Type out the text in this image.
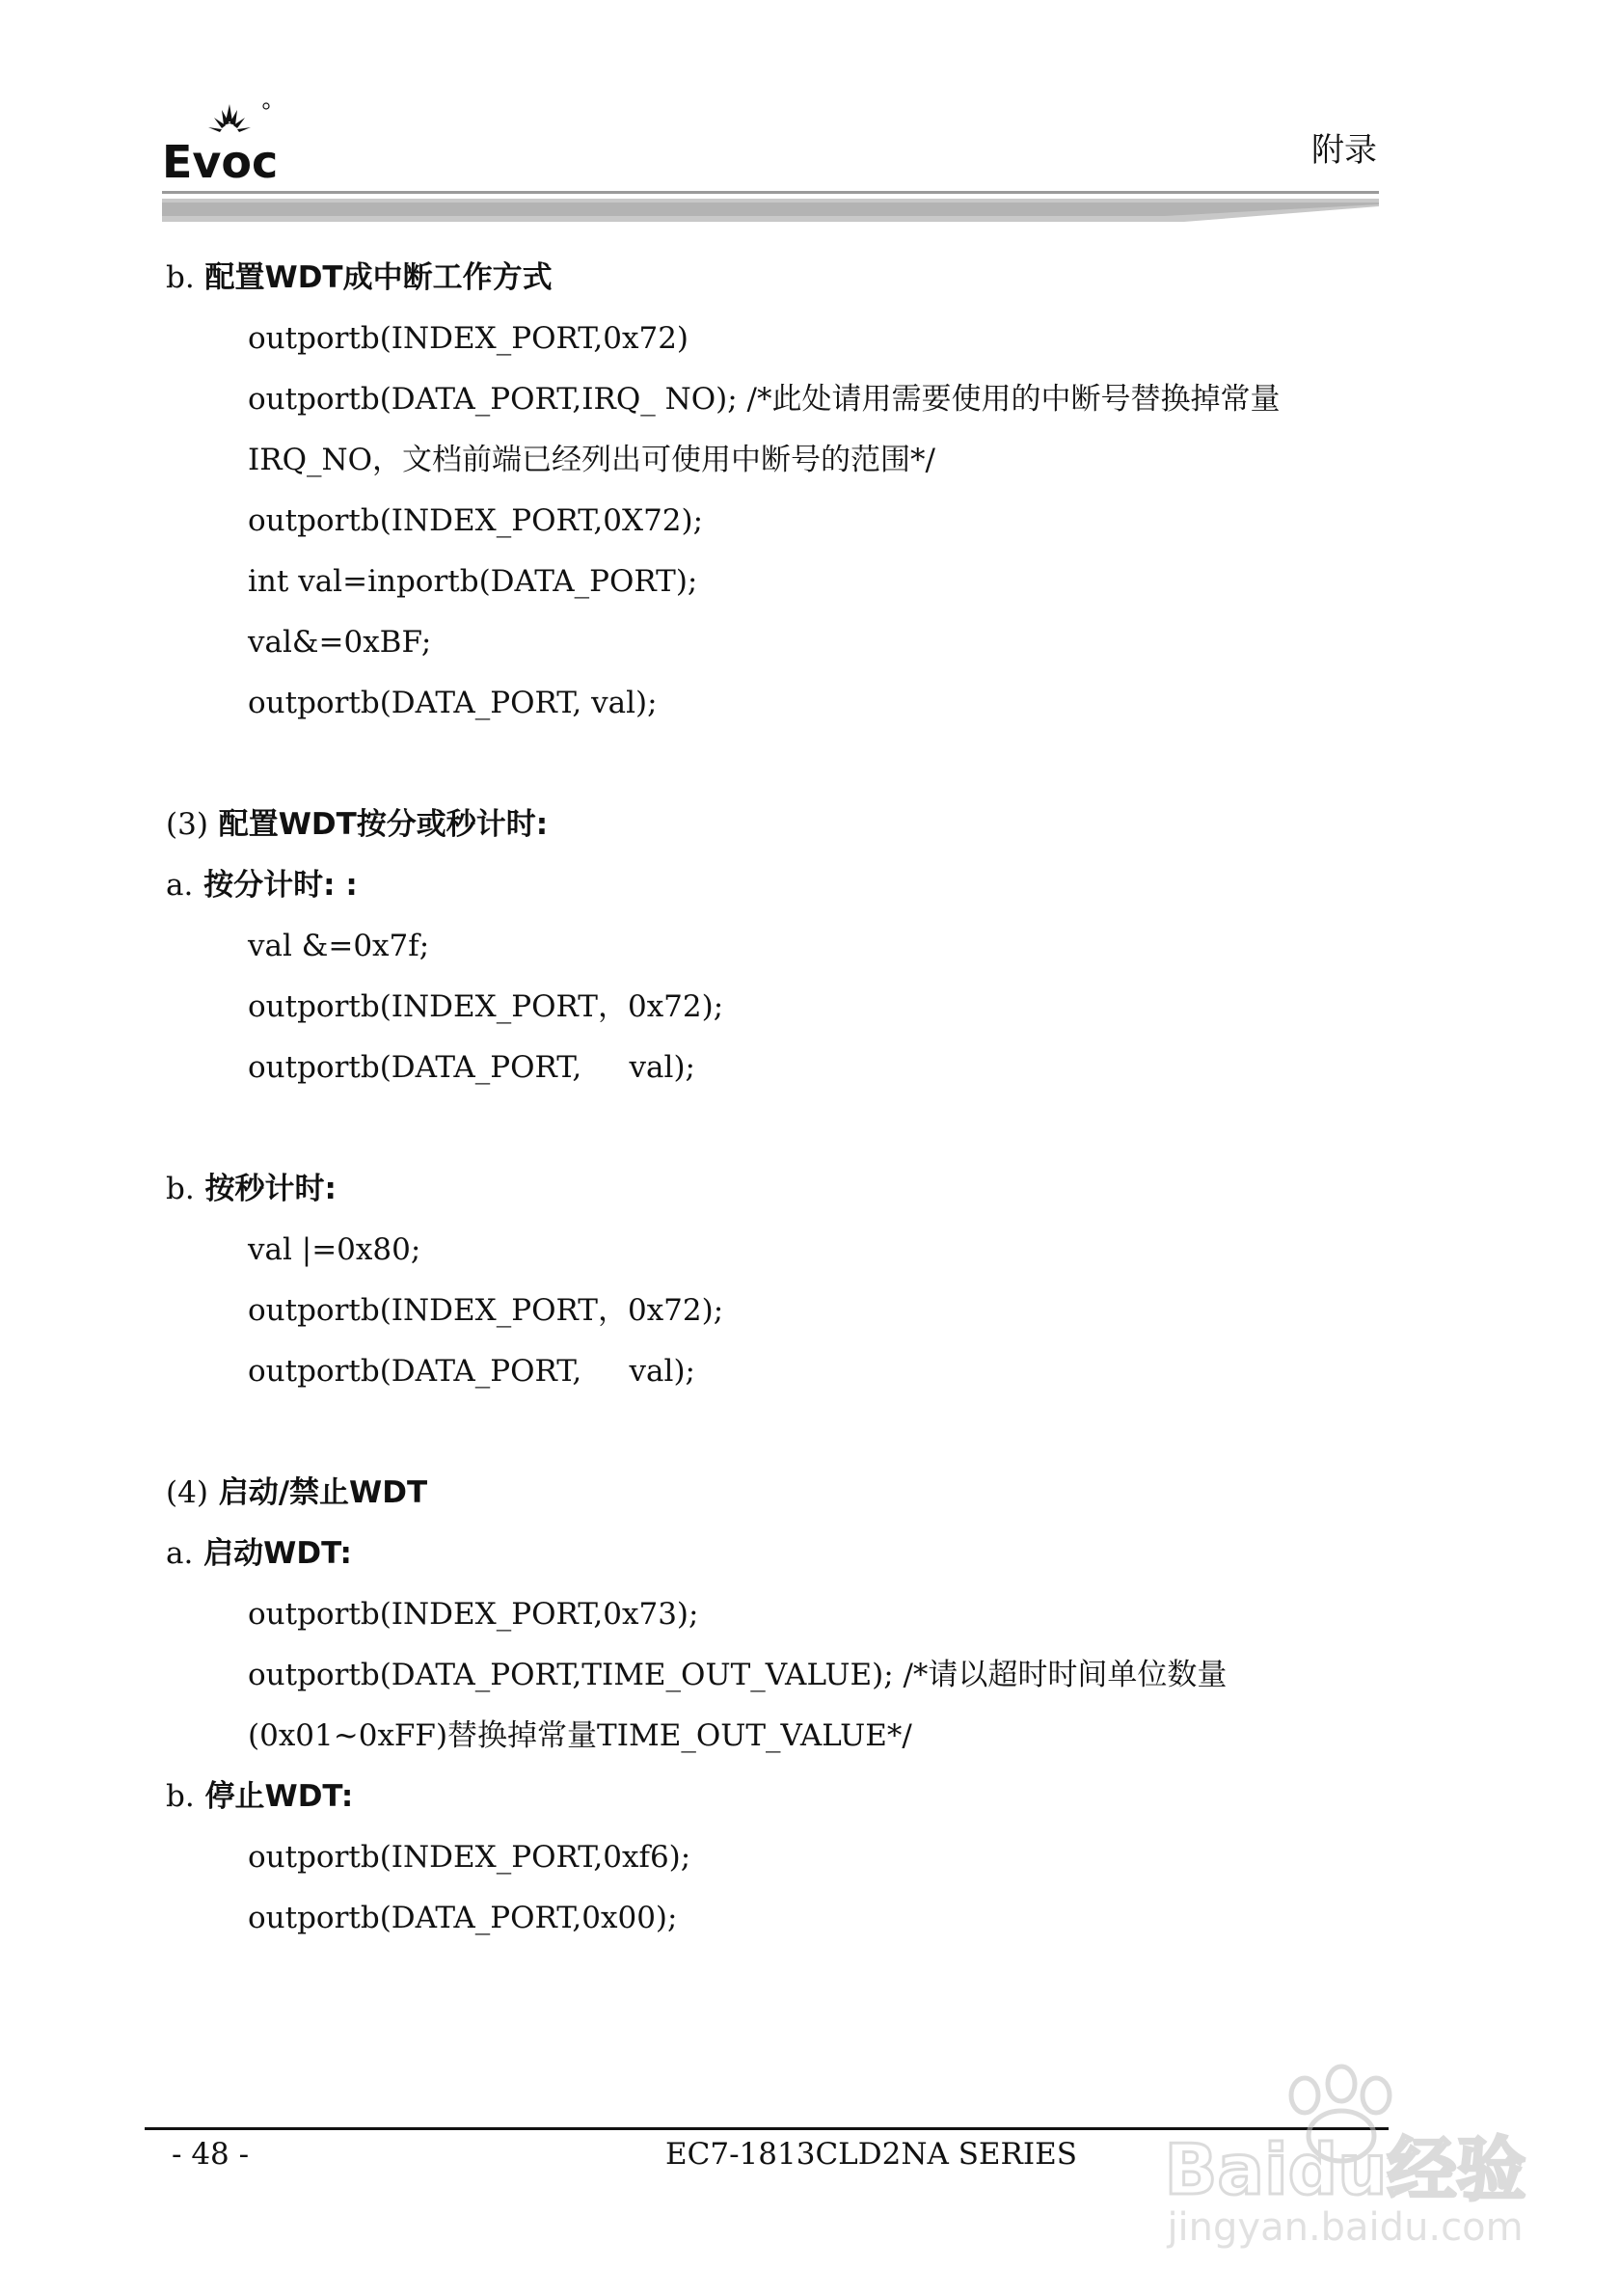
Evoc	附录
b. 配置WDT成中断工作方式
outportb(INDEX_PORT,0x72)
outportb(DATA_PORT,IRQ_ NO); /*此处请用需要使用的中断号替换掉常量
IRQ_NO，文档前端已经列出可使用中断号的范围*/
outportb(INDEX_PORT,0X72);
int val=inportb(DATA_PORT);
val&=0xBF;
outportb(DATA_PORT, val);
(3) 配置WDT按分或秒计时:
a. 按分计时: :
val &=0x7f;
outportb(INDEX_PORT，0x72);
outportb(DATA_PORT,     val);
b. 按秒计时:
val |=0x80;
outportb(INDEX_PORT，0x72);
outportb(DATA_PORT,     val);
(4) 启动/禁止WDT
a. 启动WDT:
outportb(INDEX_PORT,0x73);
outportb(DATA_PORT,TIME_OUT_VALUE); /*请以超时时间单位数量
(0x01~0xFF)替换掉常量TIME_OUT_VALUE*/
b. 停止WDT:
outportb(INDEX_PORT,0xf6);
outportb(DATA_PORT,0x00);
- 48 -	EC7-1813CLD2NA SERIES Baidu经验
jingyan.baidu.com
